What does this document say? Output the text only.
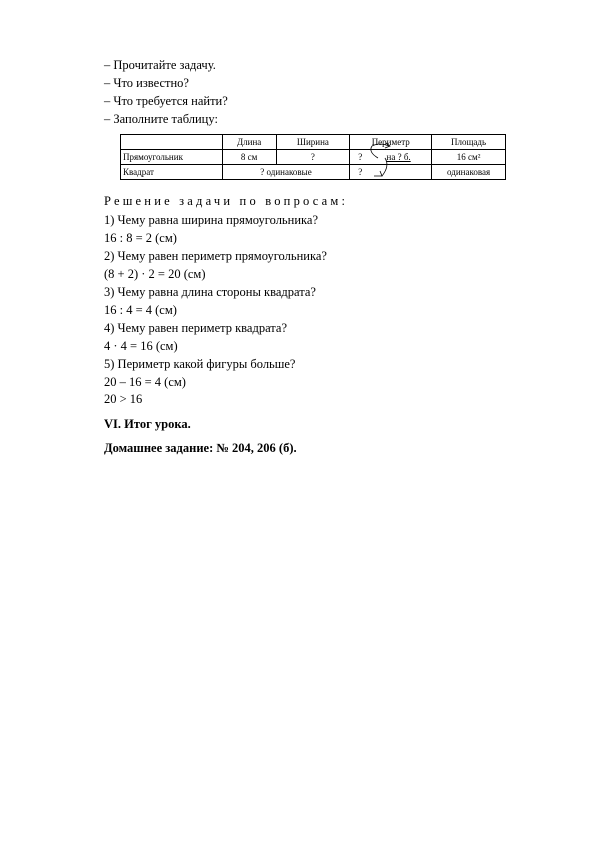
– Прочитайте задачу.
– Что известно?
– Что требуется найти?
– Заполните таблицу:
	Длина	Ширина	Периметр	Площадь
Прямоугольник	8 см	?	? на ? б.	16 см²
Квадрат	? одинаковые		?	одинаковая
Решение задачи по вопросам:
1) Чему равна ширина прямоугольника?
16 : 8 = 2 (см)
2) Чему равен периметр прямоугольника?
(8 + 2) · 2 = 20 (см)
3) Чему равна длина стороны квадрата?
16 : 4 = 4 (см)
4) Чему равен периметр квадрата?
4 · 4 = 16 (см)
5) Периметр какой фигуры больше?
20 – 16 = 4 (см)
20 > 16
VI. Итог урока.
Домашнее задание: № 204, 206 (б).
